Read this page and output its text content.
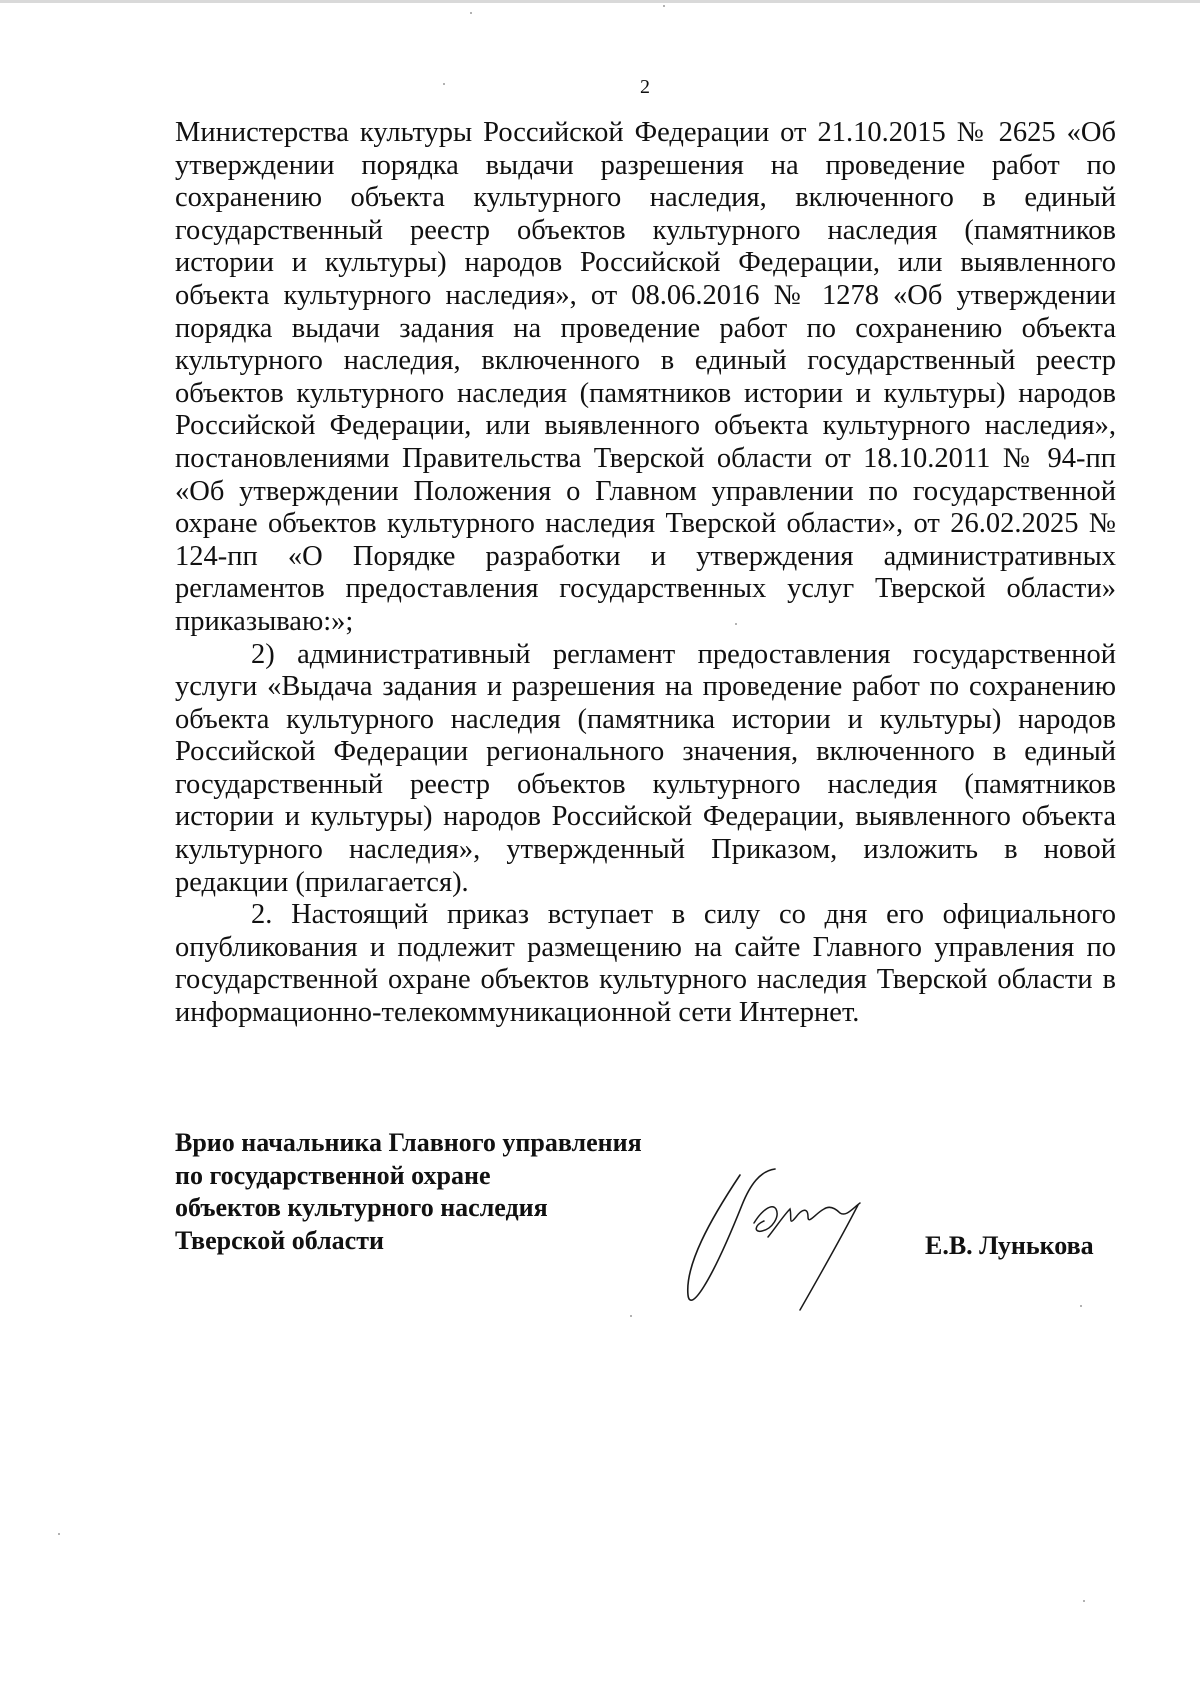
2

Министерства культуры Российской Федерации от 21.10.2015 № 2625 «Об утверждении порядка выдачи разрешения на проведение работ по сохранению объекта культурного наследия, включенного в единый государственный реестр объектов культурного наследия (памятников истории и культуры) народов Российской Федерации, или выявленного объекта культурного наследия», от 08.06.2016 № 1278 «Об утверждении порядка выдачи задания на проведение работ по сохранению объекта культурного наследия, включенного в единый государственный реестр объектов культурного наследия (памятников истории и культуры) народов Российской Федерации, или выявленного объекта культурного наследия», постановлениями Правительства Тверской области от 18.10.2011 № 94-пп «Об утверждении Положения о Главном управлении по государственной охране объектов культурного наследия Тверской области», от 26.02.2025 № 124-пп «О Порядке разработки и утверждения административных регламентов предоставления государственных услуг Тверской области» приказываю:»;

2) административный регламент предоставления государственной услуги «Выдача задания и разрешения на проведение работ по сохранению объекта культурного наследия (памятника истории и культуры) народов Российской Федерации регионального значения, включенного в единый государственный реестр объектов культурного наследия (памятников истории и культуры) народов Российской Федерации, выявленного объекта культурного наследия», утвержденный Приказом, изложить в новой редакции (прилагается).

2. Настоящий приказ вступает в силу со дня его официального опубликования и подлежит размещению на сайте Главного управления по государственной охране объектов культурного наследия Тверской области в информационно-телекоммуникационной сети Интернет.

Врио начальника Главного управления
по государственной охране
объектов культурного наследия
Тверской области	Е.В. Лунькова
